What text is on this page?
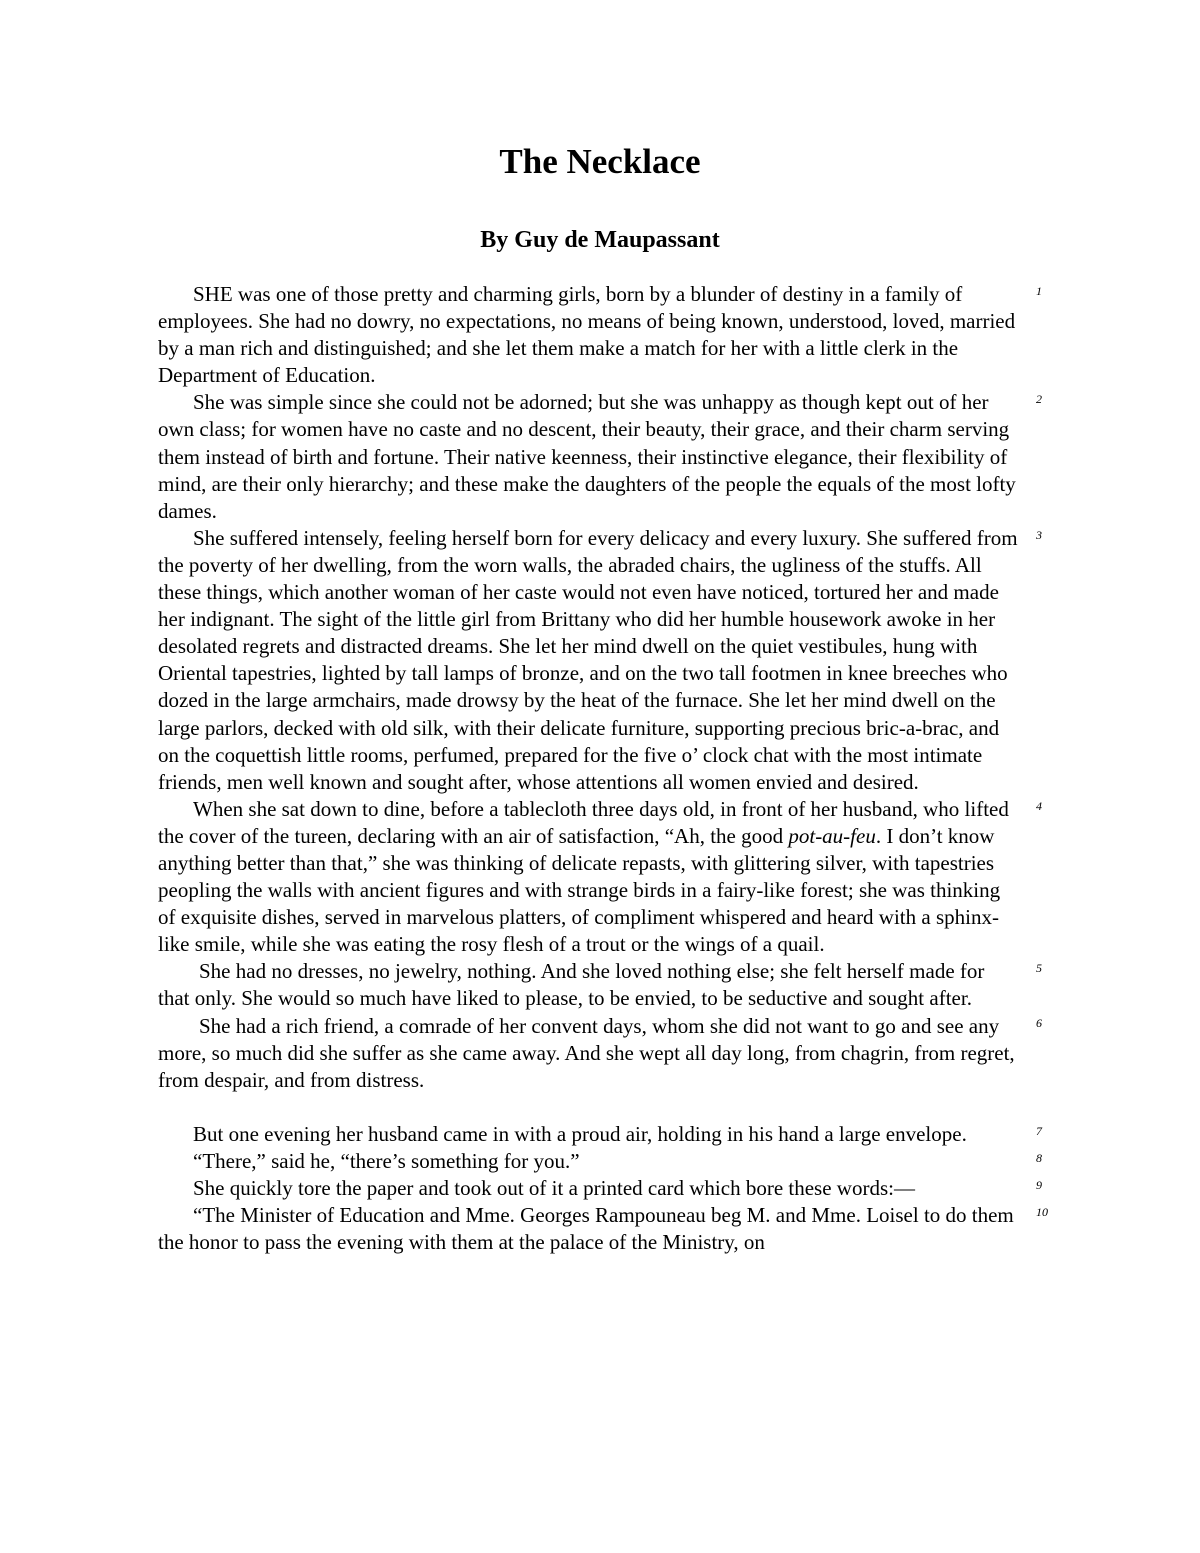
The Necklace
By Guy de Maupassant

SHE was one of those pretty and charming girls, born by a blunder of destiny in a family of employees. She had no dowry, no expectations, no means of being known, understood, loved, married by a man rich and distinguished; and she let them make a match for her with a little clerk in the Department of Education.
1

She was simple since she could not be adorned; but she was unhappy as though kept out of her own class; for women have no caste and no descent, their beauty, their grace, and their charm serving them instead of birth and fortune. Their native keenness, their instinctive elegance, their flexibility of mind, are their only hierarchy; and these make the daughters of the people the equals of the most lofty dames.
2

She suffered intensely, feeling herself born for every delicacy and every luxury. She suffered from the poverty of her dwelling, from the worn walls, the abraded chairs, the ugliness of the stuffs. All these things, which another woman of her caste would not even have noticed, tortured her and made her indignant. The sight of the little girl from Brittany who did her humble housework awoke in her desolated regrets and distracted dreams. She let her mind dwell on the quiet vestibules, hung with Oriental tapestries, lighted by tall lamps of bronze, and on the two tall footmen in knee breeches who dozed in the large armchairs, made drowsy by the heat of the furnace. She let her mind dwell on the large parlors, decked with old silk, with their delicate furniture, supporting precious bric-a-brac, and on the coquettish little rooms, perfumed, prepared for the five o’ clock chat with the most intimate friends, men well known and sought after, whose attentions all women envied and desired.
3

When she sat down to dine, before a tablecloth three days old, in front of her husband, who lifted the cover of the tureen, declaring with an air of satisfaction, “Ah, the good pot-au-feu. I don’t know anything better than that,” she was thinking of delicate repasts, with glittering silver, with tapestries peopling the walls with ancient figures and with strange birds in a fairy-like forest; she was thinking of exquisite dishes, served in marvelous platters, of compliment whispered and heard with a sphinx-like smile, while she was eating the rosy flesh of a trout or the wings of a quail.
4

She had no dresses, no jewelry, nothing. And she loved nothing else; she felt herself made for that only. She would so much have liked to please, to be envied, to be seductive and sought after.
5

She had a rich friend, a comrade of her convent days, whom she did not want to go and see any more, so much did she suffer as she came away. And she wept all day long, from chagrin, from regret, from despair, and from distress.
6

But one evening her husband came in with a proud air, holding in his hand a large envelope.	7

“There,” said he, “there’s something for you.”	8

She quickly tore the paper and took out of it a printed card which bore these words:—	9

“The Minister of Education and Mme. Georges Rampouneau beg M. and Mme. Loisel to do them the honor to pass the evening with them at the palace of the Ministry, on
10
